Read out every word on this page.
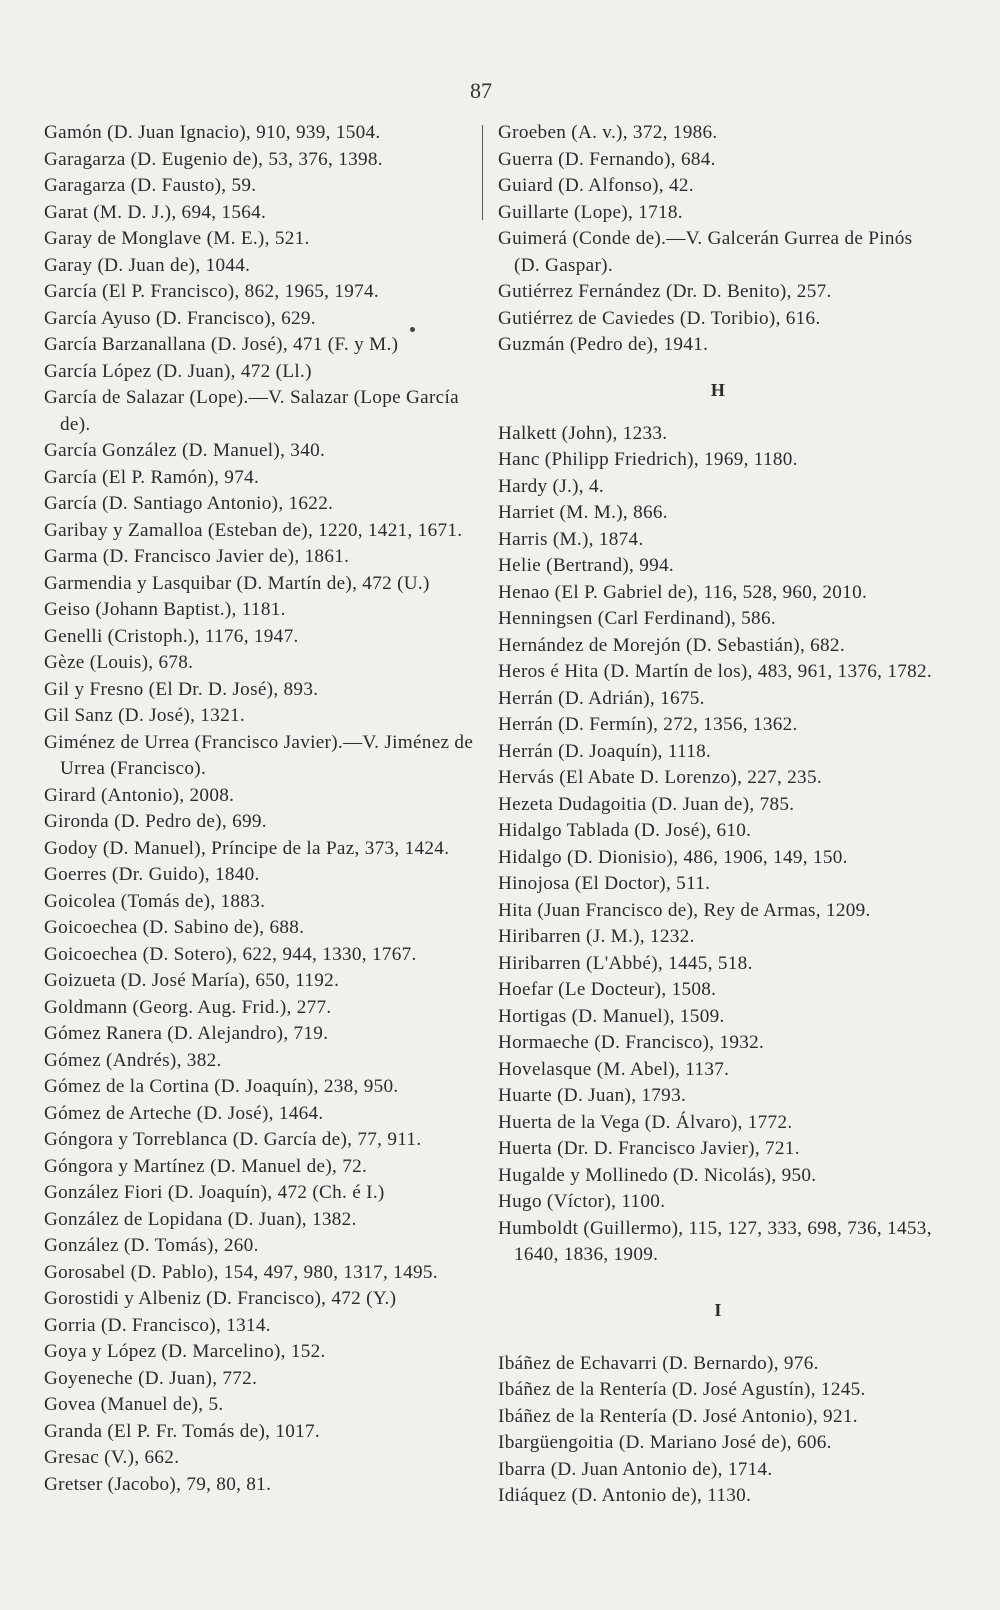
87
Gamón (D. Juan Ignacio), 910, 939, 1504.
Garagarza (D. Eugenio de), 53, 376, 1398.
Garagarza (D. Fausto), 59.
Garat (M. D. J.), 694, 1564.
Garay de Monglave (M. E.), 521.
Garay (D. Juan de), 1044.
García (El P. Francisco), 862, 1965, 1974.
García Ayuso (D. Francisco), 629.
García Barzanallana (D. José), 471 (F. y M.)
García López (D. Juan), 472 (Ll.)
García de Salazar (Lope).—V. Salazar (Lope García de).
García González (D. Manuel), 340.
García (El P. Ramón), 974.
García (D. Santiago Antonio), 1622.
Garibay y Zamalloa (Esteban de), 1220, 1421, 1671.
Garma (D. Francisco Javier de), 1861.
Garmendia y Lasquibar (D. Martín de), 472 (U.)
Geiso (Johann Baptist.), 1181.
Genelli (Cristoph.), 1176, 1947.
Gèze (Louis), 678.
Gil y Fresno (El Dr. D. José), 893.
Gil Sanz (D. José), 1321.
Giménez de Urrea (Francisco Javier).—V. Jiménez de Urrea (Francisco).
Girard (Antonio), 2008.
Gironda (D. Pedro de), 699.
Godoy (D. Manuel), Príncipe de la Paz, 373, 1424.
Goerres (Dr. Guido), 1840.
Goicolea (Tomás de), 1883.
Goicoechea (D. Sabino de), 688.
Goicoechea (D. Sotero), 622, 944, 1330, 1767.
Goizueta (D. José María), 650, 1192.
Goldmann (Georg. Aug. Frid.), 277.
Gómez Ranera (D. Alejandro), 719.
Gómez (Andrés), 382.
Gómez de la Cortina (D. Joaquín), 238, 950.
Gómez de Arteche (D. José), 1464.
Góngora y Torreblanca (D. García de), 77, 911.
Góngora y Martínez (D. Manuel de), 72.
González Fiori (D. Joaquín), 472 (Ch. é I.)
González de Lopidana (D. Juan), 1382.
González (D. Tomás), 260.
Gorosabel (D. Pablo), 154, 497, 980, 1317, 1495.
Gorostidi y Albeniz (D. Francisco), 472 (Y.)
Gorria (D. Francisco), 1314.
Goya y López (D. Marcelino), 152.
Goyeneche (D. Juan), 772.
Govea (Manuel de), 5.
Granda (El P. Fr. Tomás de), 1017.
Gresac (V.), 662.
Gretser (Jacobo), 79, 80, 81.
Groeben (A. v.), 372, 1986.
Guerra (D. Fernando), 684.
Guiard (D. Alfonso), 42.
Guillarte (Lope), 1718.
Guimerá (Conde de).—V. Galcerán Gurrea de Pinós (D. Gaspar).
Gutiérrez Fernández (Dr. D. Benito), 257.
Gutiérrez de Caviedes (D. Toribio), 616.
Guzmán (Pedro de), 1941.
H
Halkett (John), 1233.
Hanc (Philipp Friedrich), 1969, 1180.
Hardy (J.), 4.
Harriet (M. M.), 866.
Harris (M.), 1874.
Helie (Bertrand), 994.
Henao (El P. Gabriel de), 116, 528, 960, 2010.
Henningsen (Carl Ferdinand), 586.
Hernández de Morejón (D. Sebastián), 682.
Heros é Hita (D. Martín de los), 483, 961, 1376, 1782.
Herrán (D. Adrián), 1675.
Herrán (D. Fermín), 272, 1356, 1362.
Herrán (D. Joaquín), 1118.
Hervás (El Abate D. Lorenzo), 227, 235.
Hezeta Dudagoitia (D. Juan de), 785.
Hidalgo Tablada (D. José), 610.
Hidalgo (D. Dionisio), 486, 1906, 149, 150.
Hinojosa (El Doctor), 511.
Hita (Juan Francisco de), Rey de Armas, 1209.
Hiribarren (J. M.), 1232.
Hiribarren (L'Abbé), 1445, 518.
Hoefar (Le Docteur), 1508.
Hortigas (D. Manuel), 1509.
Hormaeche (D. Francisco), 1932.
Hovelasque (M. Abel), 1137.
Huarte (D. Juan), 1793.
Huerta de la Vega (D. Álvaro), 1772.
Huerta (Dr. D. Francisco Javier), 721.
Hugalde y Mollinedo (D. Nicolás), 950.
Hugo (Víctor), 1100.
Humboldt (Guillermo), 115, 127, 333, 698, 736, 1453, 1640, 1836, 1909.
I
Ibáñez de Echavarri (D. Bernardo), 976.
Ibáñez de la Rentería (D. José Agustín), 1245.
Ibáñez de la Rentería (D. José Antonio), 921.
Ibargüengoitia (D. Mariano José de), 606.
Ibarra (D. Juan Antonio de), 1714.
Idiáquez (D. Antonio de), 1130.
